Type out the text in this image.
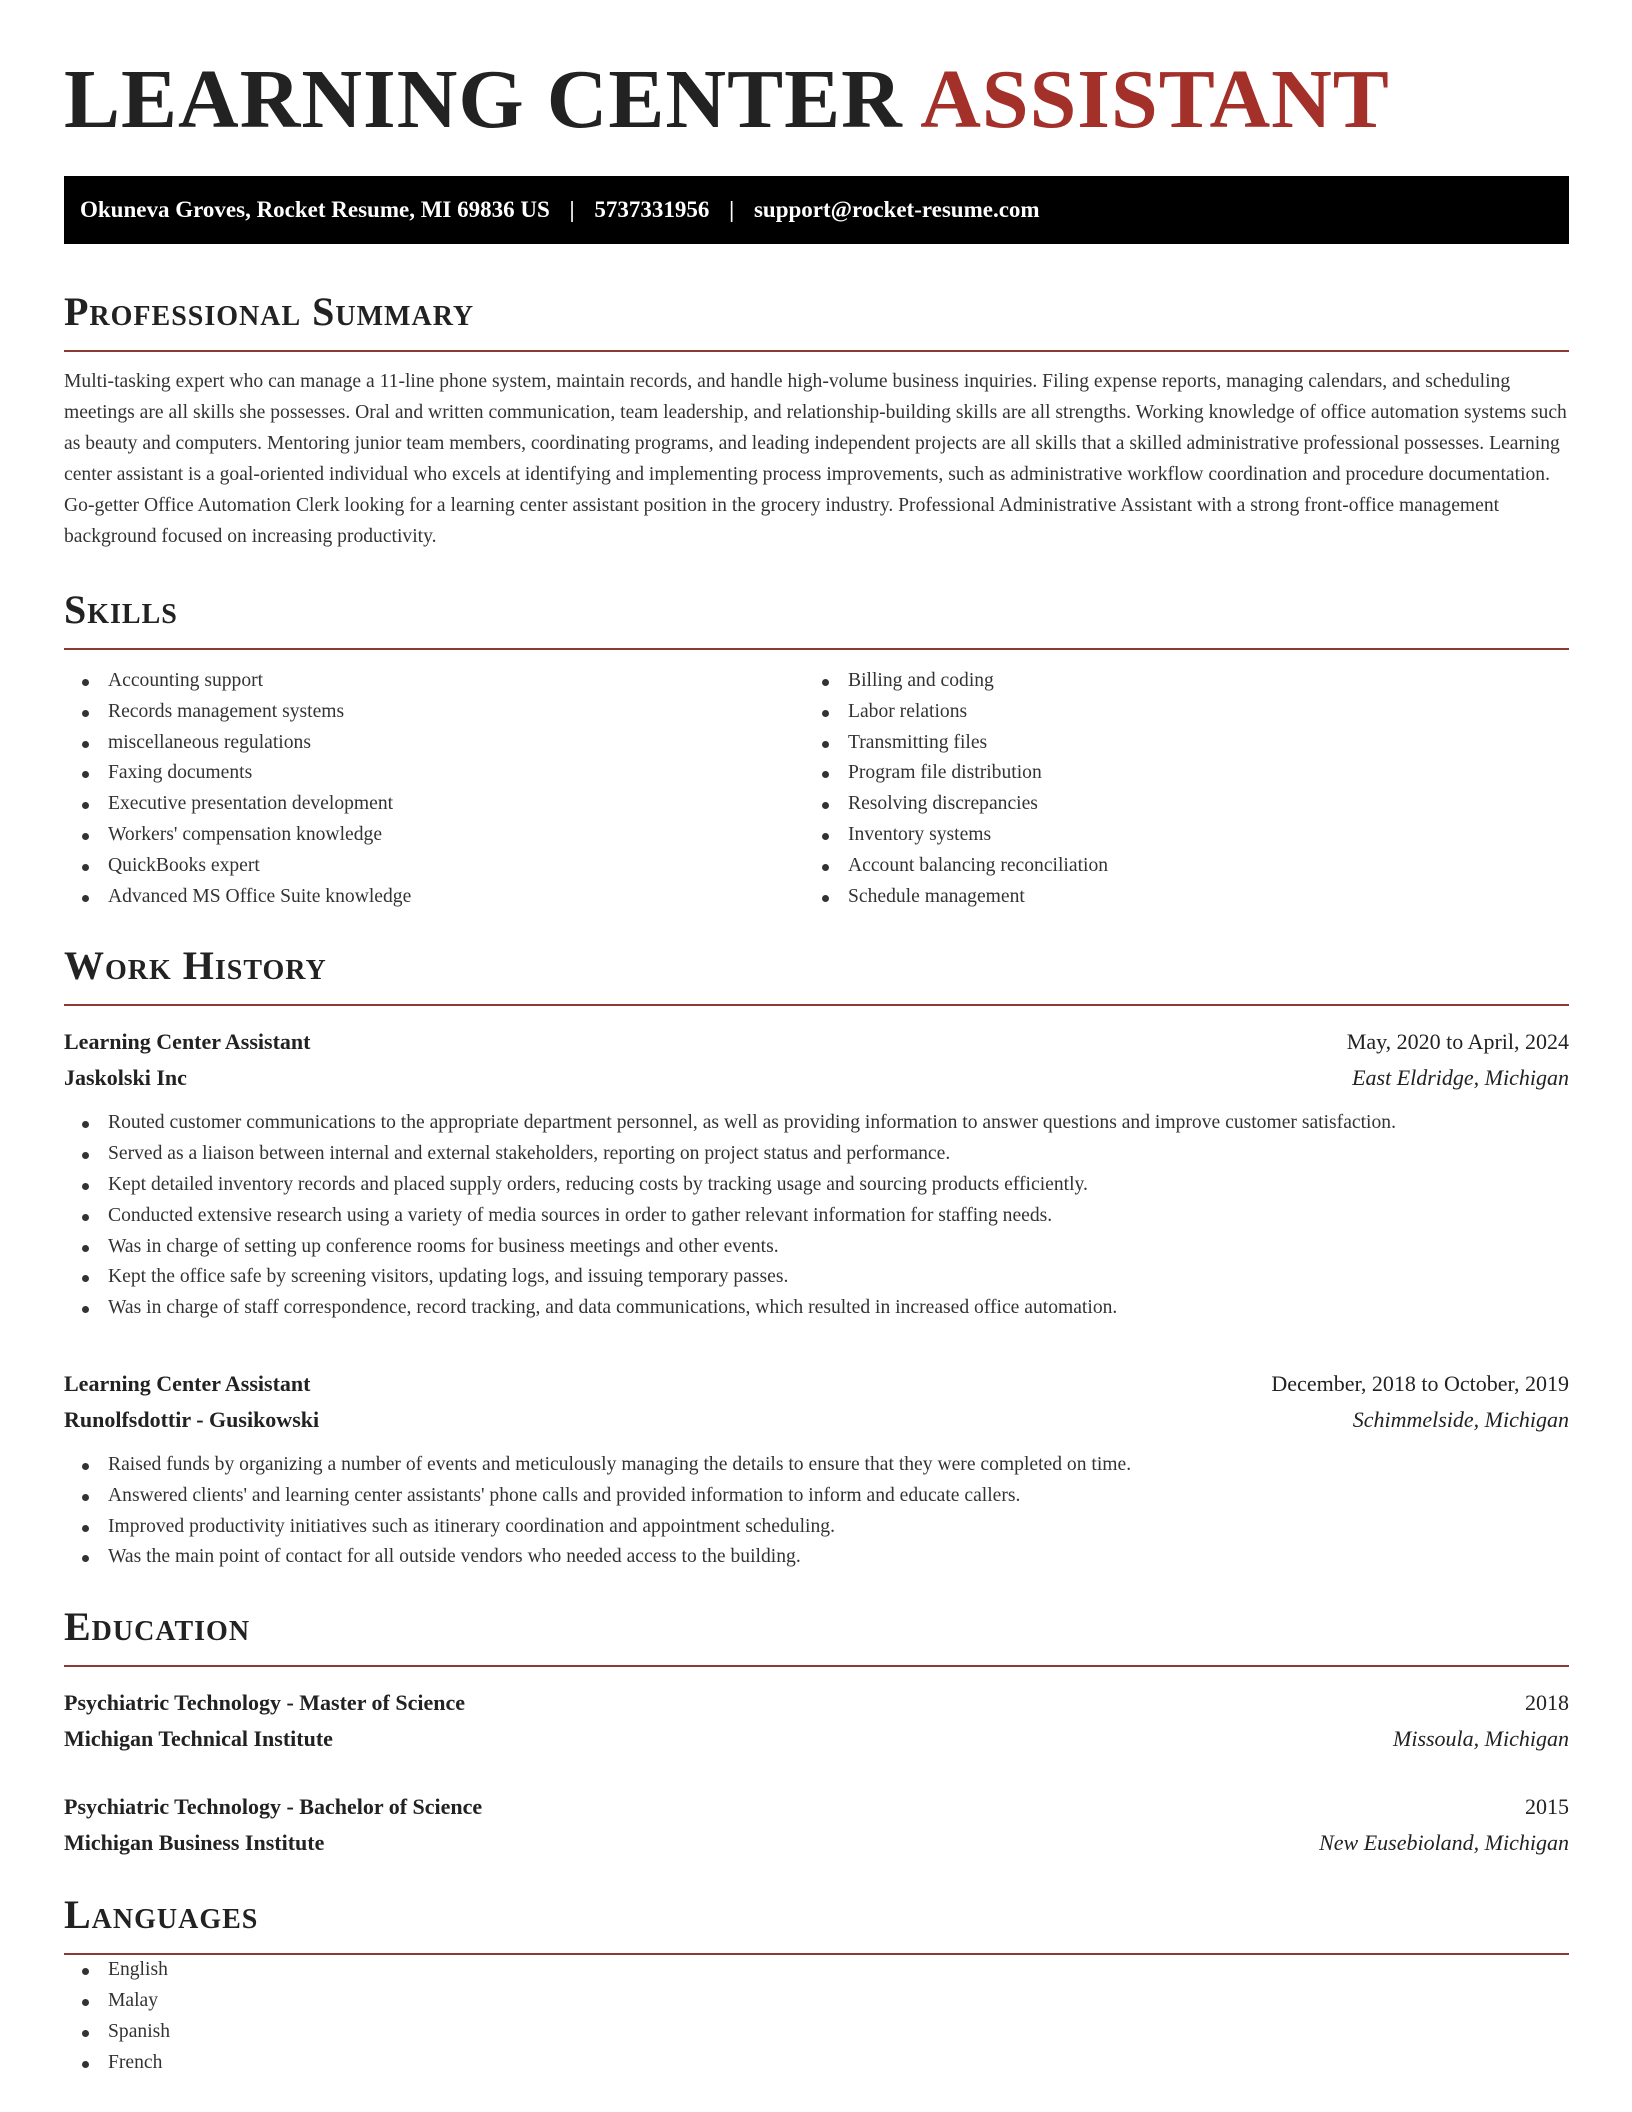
LEARNING CENTER ASSISTANT
Okuneva Groves, Rocket Resume, MI 69836 US | 5737331956 | support@rocket-resume.com
Professional Summary

Multi-tasking expert who can manage a 11-line phone system, maintain records, and handle high-volume business inquiries. Filing expense reports, managing calendars, and scheduling meetings are all skills she possesses. Oral and written communication, team leadership, and relationship-building skills are all strengths. Working knowledge of office automation systems such as beauty and computers. Mentoring junior team members, coordinating programs, and leading independent projects are all skills that a skilled administrative professional possesses. Learning center assistant is a goal-oriented individual who excels at identifying and implementing process improvements, such as administrative workflow coordination and procedure documentation. Go-getter Office Automation Clerk looking for a learning center assistant position in the grocery industry. Professional Administrative Assistant with a strong front-office management background focused on increasing productivity.

Skills
Accounting support
Records management systems
miscellaneous regulations
Faxing documents
Executive presentation development
Workers' compensation knowledge
QuickBooks expert
Advanced MS Office Suite knowledge
Billing and coding
Labor relations
Transmitting files
Program file distribution
Resolving discrepancies
Inventory systems
Account balancing reconciliation
Schedule management
Work History
Learning Center Assistant	May, 2020 to April, 2024
Jaskolski Inc	East Eldridge, Michigan
Routed customer communications to the appropriate department personnel, as well as providing information to answer questions and improve customer satisfaction.
Served as a liaison between internal and external stakeholders, reporting on project status and performance.
Kept detailed inventory records and placed supply orders, reducing costs by tracking usage and sourcing products efficiently.
Conducted extensive research using a variety of media sources in order to gather relevant information for staffing needs.
Was in charge of setting up conference rooms for business meetings and other events.
Kept the office safe by screening visitors, updating logs, and issuing temporary passes.
Was in charge of staff correspondence, record tracking, and data communications, which resulted in increased office automation.
Learning Center Assistant	December, 2018 to October, 2019
Runolfsdottir - Gusikowski	Schimmelside, Michigan
Raised funds by organizing a number of events and meticulously managing the details to ensure that they were completed on time.
Answered clients' and learning center assistants' phone calls and provided information to inform and educate callers.
Improved productivity initiatives such as itinerary coordination and appointment scheduling.
Was the main point of contact for all outside vendors who needed access to the building.
Education
Psychiatric Technology - Master of Science	2018
Michigan Technical Institute	Missoula, Michigan
Psychiatric Technology - Bachelor of Science	2015
Michigan Business Institute	New Eusebioland, Michigan
Languages
English
Malay
Spanish
French
